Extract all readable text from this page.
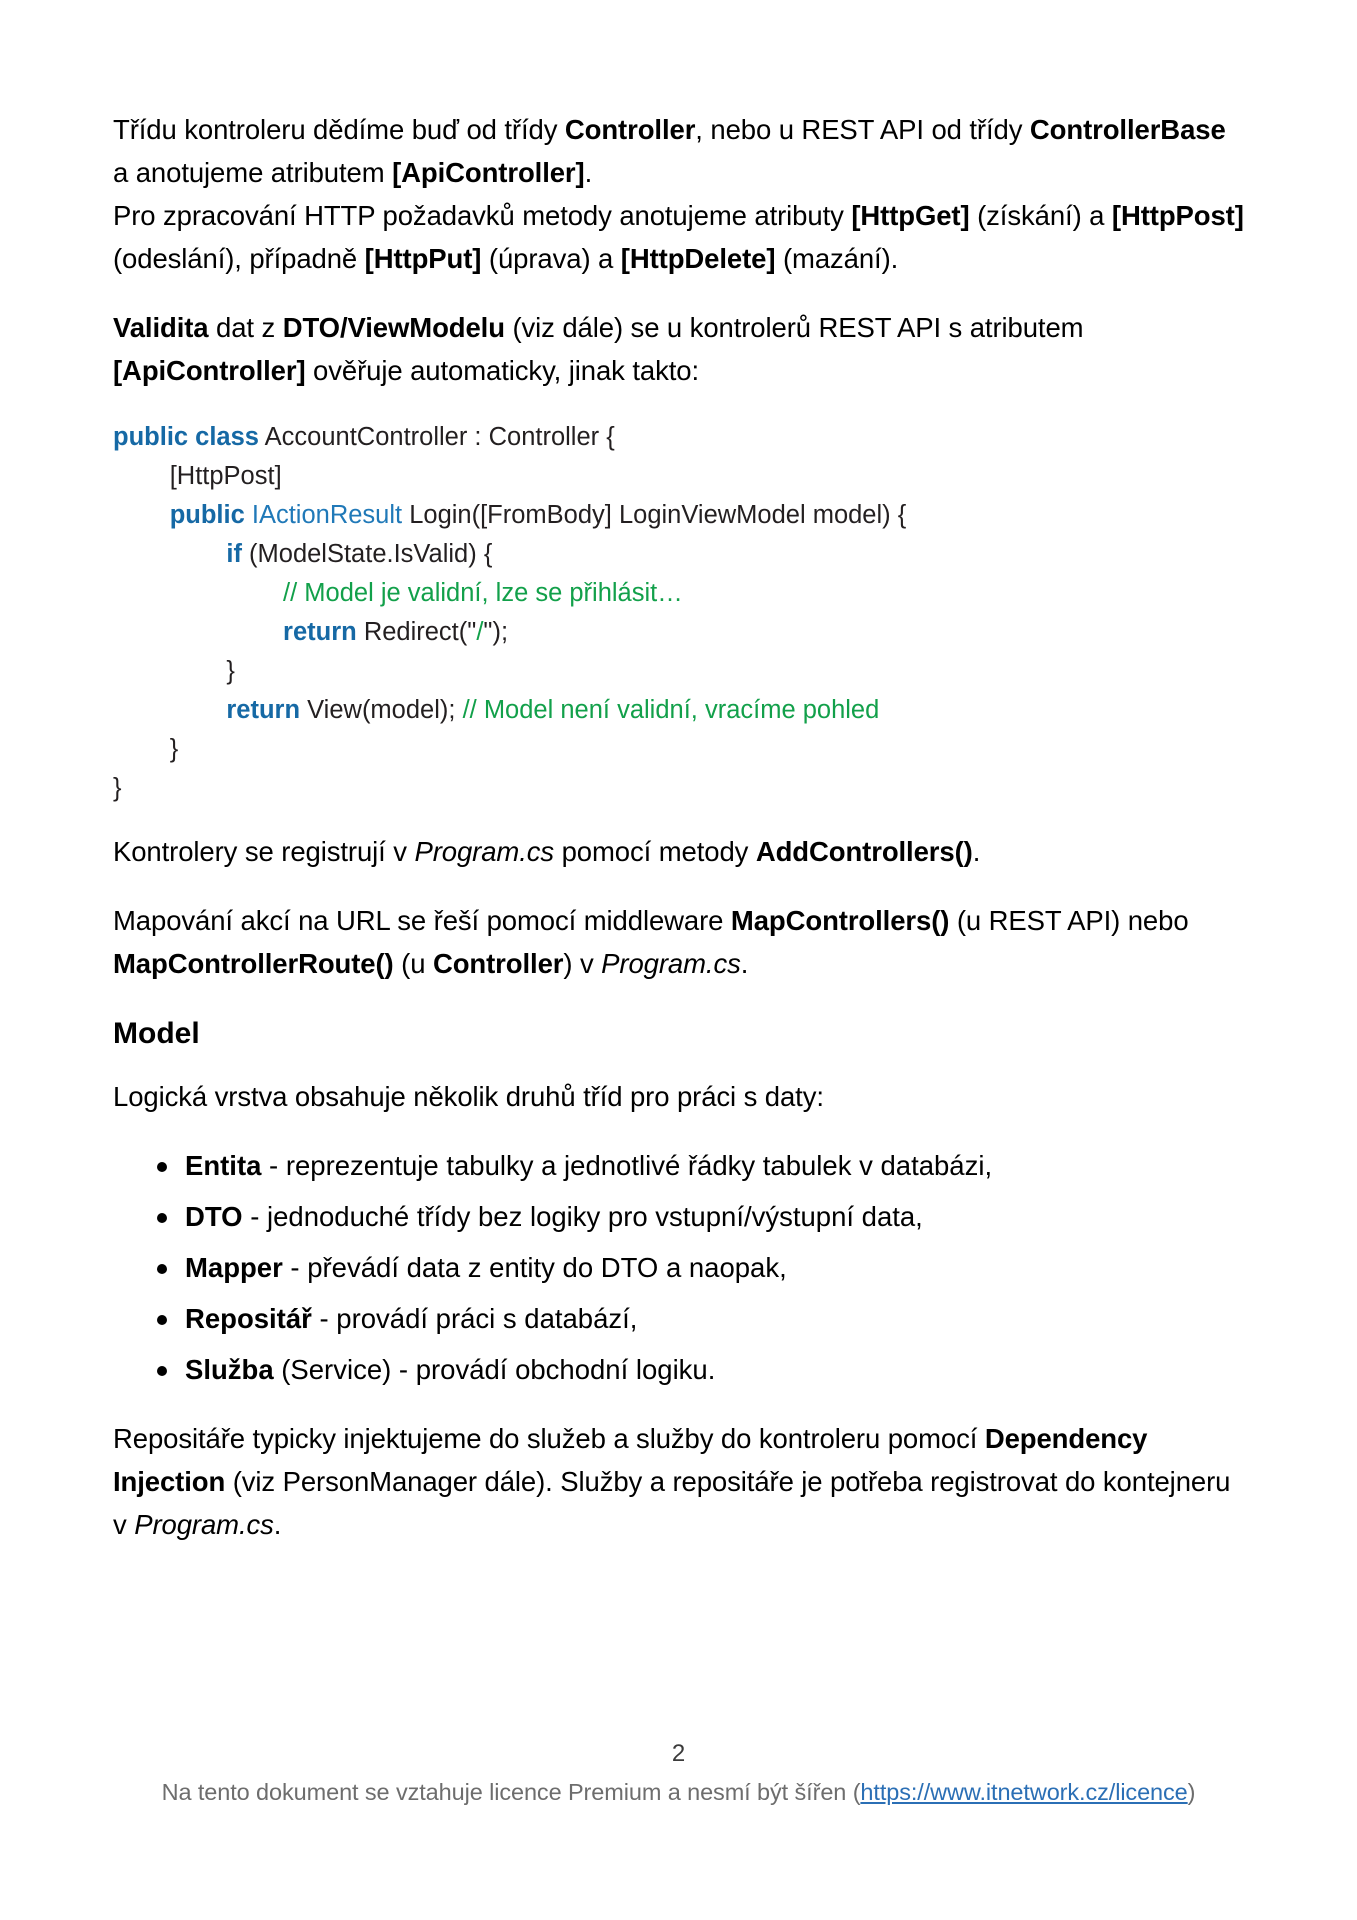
Třídu kontroleru dědíme buď od třídy Controller, nebo u REST API od třídy ControllerBase a anotujeme atributem [ApiController].
Pro zpracování HTTP požadavků metody anotujeme atributy [HttpGet] (získání) a [HttpPost] (odeslání), případně [HttpPut] (úprava) a [HttpDelete] (mazání).

Validita dat z DTO/ViewModelu (viz dále) se u kontrolerů REST API s atributem [ApiController] ověřuje automaticky, jinak takto:

public class AccountController : Controller {
[HttpPost]
public IActionResult Login([FromBody] LoginViewModel model) {
if (ModelState.IsValid) {
// Model je validní, lze se přihlásit…
return Redirect("/");
}
return View(model); // Model není validní, vracíme pohled
}
}

Kontrolery se registrují v Program.cs pomocí metody AddControllers().

Mapování akcí na URL se řeší pomocí middleware MapControllers() (u REST API) nebo MapControllerRoute() (u Controller) v Program.cs.

Model

Logická vrstva obsahuje několik druhů tříd pro práci s daty:

Entita - reprezentuje tabulky a jednotlivé řádky tabulek v databázi,
DTO - jednoduché třídy bez logiky pro vstupní/výstupní data,
Mapper - převádí data z entity do DTO a naopak,
Repositář - provádí práci s databází,
Služba (Service) - provádí obchodní logiku.

Repositáře typicky injektujeme do služeb a služby do kontroleru pomocí Dependency Injection (viz PersonManager dále). Služby a repositáře je potřeba registrovat do kontejneru v Program.cs.

2
Na tento dokument se vztahuje licence Premium a nesmí být šířen (https://www.itnetwork.cz/licence)
